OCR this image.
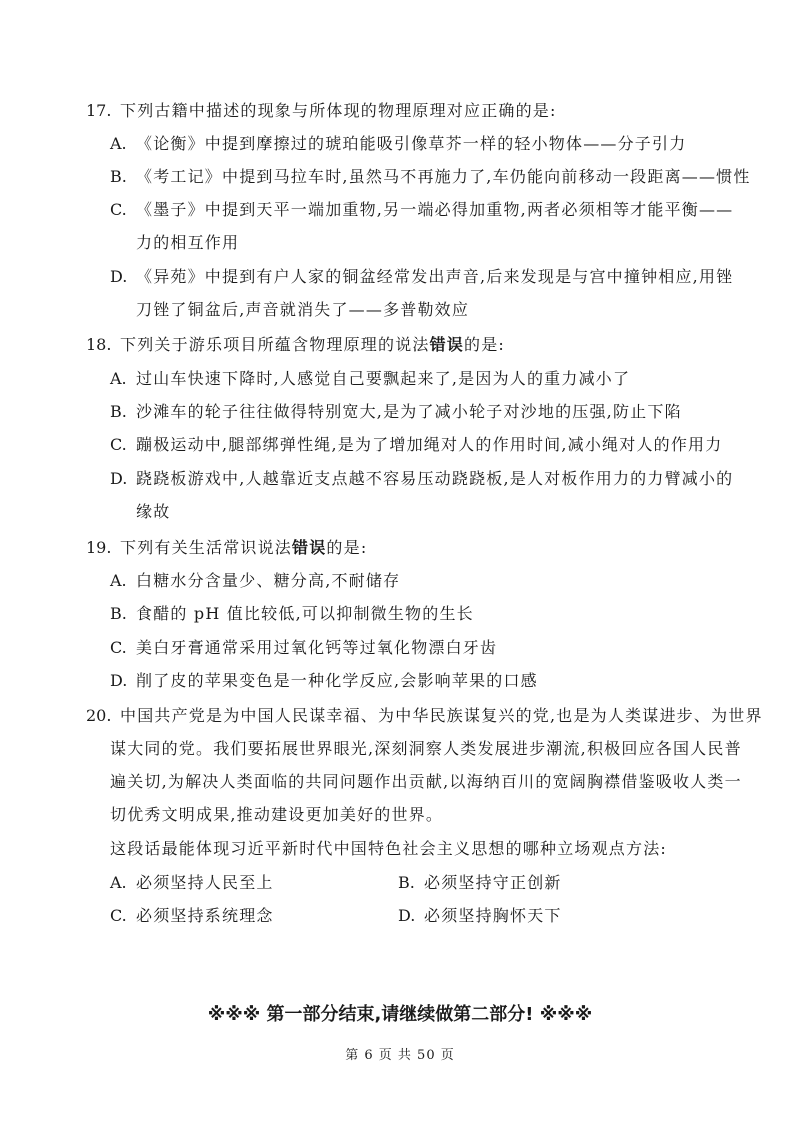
17. 下列古籍中描述的现象与所体现的物理原理对应正确的是:
A. 《论衡》中提到摩擦过的琥珀能吸引像草芥一样的轻小物体——分子引力
B. 《考工记》中提到马拉车时,虽然马不再施力了,车仍能向前移动一段距离——惯性
C. 《墨子》中提到天平一端加重物,另一端必得加重物,两者必须相等才能平衡——
力的相互作用
D. 《异苑》中提到有户人家的铜盆经常发出声音,后来发现是与宫中撞钟相应,用锉
刀锉了铜盆后,声音就消失了——多普勒效应
18. 下列关于游乐项目所蕴含物理原理的说法错误的是:
A. 过山车快速下降时,人感觉自己要飘起来了,是因为人的重力减小了
B. 沙滩车的轮子往往做得特别宽大,是为了减小轮子对沙地的压强,防止下陷
C. 蹦极运动中,腿部绑弹性绳,是为了增加绳对人的作用时间,减小绳对人的作用力
D. 跷跷板游戏中,人越靠近支点越不容易压动跷跷板,是人对板作用力的力臂减小的
缘故
19. 下列有关生活常识说法错误的是:
A. 白糖水分含量少、糖分高,不耐储存
B. 食醋的 pH 值比较低,可以抑制微生物的生长
C. 美白牙膏通常采用过氧化钙等过氧化物漂白牙齿
D. 削了皮的苹果变色是一种化学反应,会影响苹果的口感
20. 中国共产党是为中国人民谋幸福、为中华民族谋复兴的党,也是为人类谋进步、为世界
谋大同的党。我们要拓展世界眼光,深刻洞察人类发展进步潮流,积极回应各国人民普
遍关切,为解决人类面临的共同问题作出贡献,以海纳百川的宽阔胸襟借鉴吸收人类一
切优秀文明成果,推动建设更加美好的世界。
这段话最能体现习近平新时代中国特色社会主义思想的哪种立场观点方法:
A. 必须坚持人民至上	B. 必须坚持守正创新
C. 必须坚持系统理念	D. 必须坚持胸怀天下
※※※ 第一部分结束,请继续做第二部分! ※※※
第 6 页 共 50 页
